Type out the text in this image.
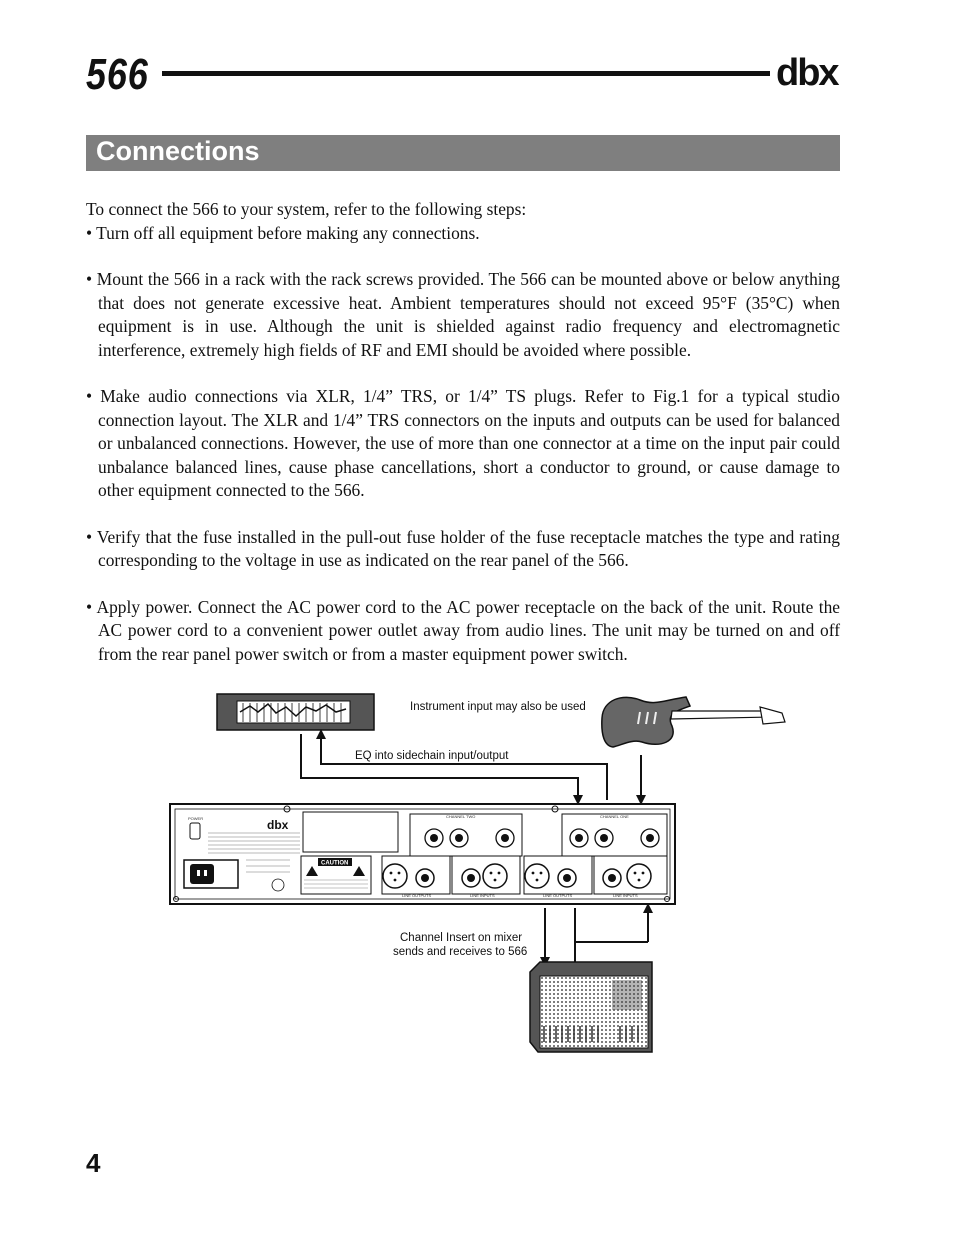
566	dbx
Connections

To connect the 566 to your system, refer to the following steps:

• Turn off all equipment before making any connections.

• Mount the 566 in a rack with the rack screws provided. The 566 can be mounted above or below anything that does not generate excessive heat. Ambient temperatures should not exceed 95°F (35°C) when equipment is in use. Although the unit is shielded against radio frequency and electromagnetic interference, extremely high fields of RF and EMI should be avoided where possible.

• Make audio connections via XLR, 1/4” TRS, or 1/4” TS plugs. Refer to Fig.1 for a typical studio connection layout. The XLR and 1/4” TRS connectors on the inputs and outputs can be used for balanced or unbalanced connections. However, the use of more than one connector at a time on the input pair could unbalance balanced lines, cause phase cancellations, short a conductor to ground, or cause damage to other equipment connected to the 566.

• Verify that the fuse installed in the pull-out fuse holder of the fuse receptacle matches the type and rating corresponding to the voltage in use as indicated on the rear panel of the 566.

• Apply power. Connect the AC power cord to the AC power receptacle on the back of the unit. Route the AC power cord to a convenient power outlet away from audio lines. The unit may be turned on and off from the rear panel power switch or from a master equipment power switch.

Instrument input may also be used
EQ into sidechain input/output
POWER	dbx
CAUTION
CHANNEL TWO	CHANNEL ONE
LINE OUTPUTS	LINE INPUTS	LINE OUTPUTS	LINE INPUTS
Channel Insert on mixer
sends and receives to 566
4
